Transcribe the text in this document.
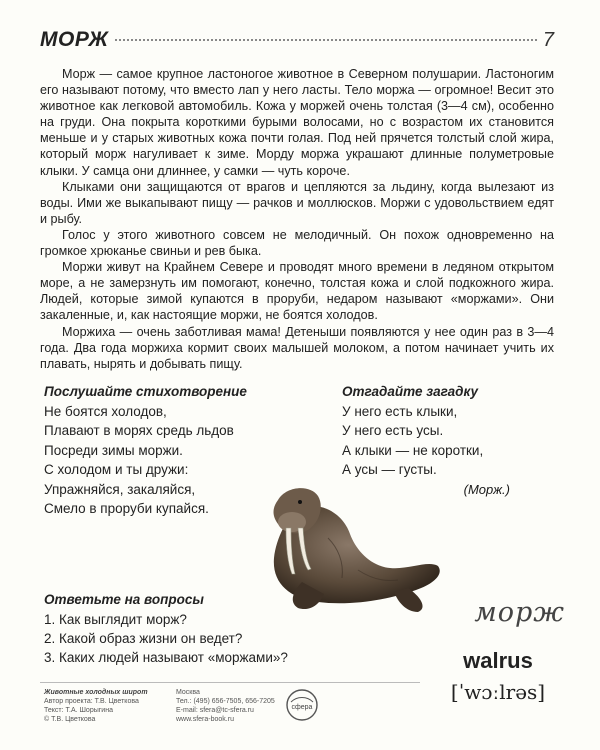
МОРЖ	7

Морж — самое крупное ластоногое животное в Северном полушарии. Ластоногим его называют потому, что вместо лап у него ласты. Тело моржа — огромное! Весит это животное как легковой автомобиль. Кожа у моржей очень толстая (3—4 см), особенно на груди. Она покрыта короткими бурыми волосами, но с возрастом их становится меньше и у старых животных кожа почти голая. Под ней прячется толстый слой жира, который морж нагуливает к зиме. Морду моржа украшают длинные полуметровые клыки. У самца они длиннее, у самки — чуть короче.

Клыками они защищаются от врагов и цепляются за льдину, когда вылезают из воды. Ими же выкапывают пищу — рачков и моллюсков. Моржи с удовольствием едят и рыбу.

Голос у этого животного совсем не мелодичный. Он похож одновременно на громкое хрюканье свиньи и рев быка.

Моржи живут на Крайнем Севере и проводят много времени в ледяном открытом море, а не замерзнуть им помогают, конечно, толстая кожа и слой подкожного жира. Людей, которые зимой купаются в проруби, недаром называют «моржами». Они закаленные, и, как настоящие моржи, не боятся холодов.

Моржиха — очень заботливая мама! Детеныши появляются у нее один раз в 3—4 года. Два года моржиха кормит своих малышей молоком, а потом начинает учить их плавать, нырять и добывать пищу.

Послушайте стихотворение
Не боятся холодов,
Плавают в морях средь льдов
Посреди зимы моржи.
С холодом и ты дружи:
Упражняйся, закаляйся,
Смело в проруби купайся.
Отгадайте загадку
У него есть клыки,
У него есть усы.
А клыки — не коротки,
А усы — густы.
(Морж.)
Ответьте на вопросы
1. Как выглядит морж?
2. Какой образ жизни он ведет?
3. Каких людей называют «моржами»?
морж
walrus
[ˈwɔːlrəs]
Животные холодных широт
Автор проекта: Т.В. Цветкова
Текст: Т.А. Шорыгина
© Т.В. Цветкова
Москва
Тел.: (495) 656-7505, 656-7205
E-mail: sfera@tc-sfera.ru
www.sfera-book.ru
сфера
